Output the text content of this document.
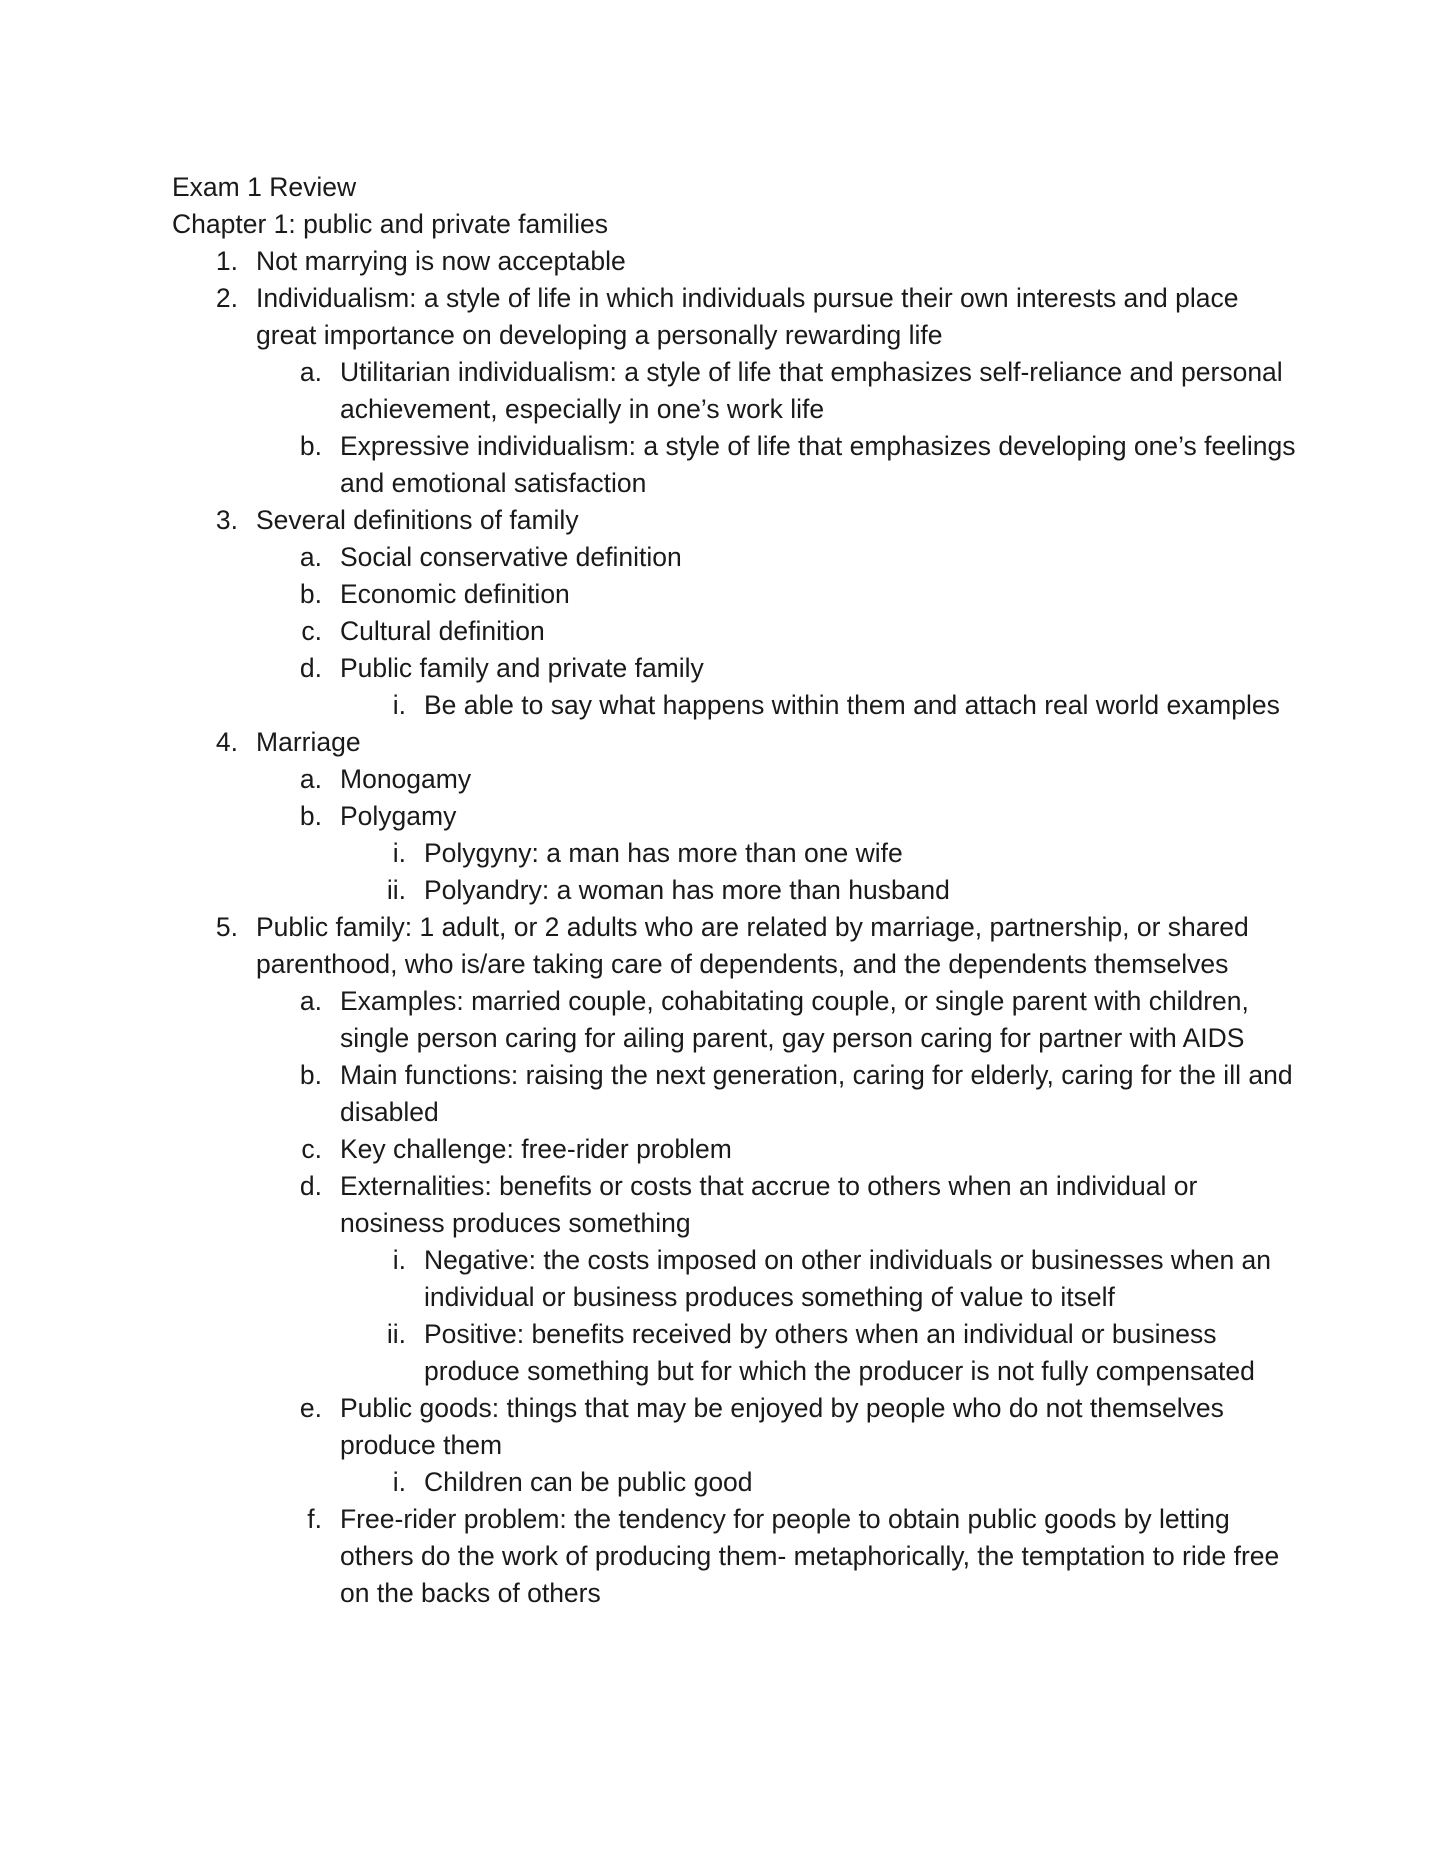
Exam 1 Review

Chapter 1: public and private families

1. Not marrying is now acceptable
2. Individualism: a style of life in which individuals pursue their own interests and place great importance on developing a personally rewarding life
a. Utilitarian individualism: a style of life that emphasizes self-reliance and personal achievement, especially in one’s work life
b. Expressive individualism: a style of life that emphasizes developing one’s feelings and emotional satisfaction
3. Several definitions of family
a. Social conservative definition
b. Economic definition
c. Cultural definition
d. Public family and private family
i. Be able to say what happens within them and attach real world examples
4. Marriage
a. Monogamy
b. Polygamy
i. Polygyny: a man has more than one wife
ii. Polyandry: a woman has more than husband
5. Public family: 1 adult, or 2 adults who are related by marriage, partnership, or shared parenthood, who is/are taking care of dependents, and the dependents themselves
a. Examples: married couple, cohabitating couple, or single parent with children, single person caring for ailing parent, gay person caring for partner with AIDS
b. Main functions: raising the next generation, caring for elderly, caring for the ill and disabled
c. Key challenge: free-rider problem
d. Externalities: benefits or costs that accrue to others when an individual or nosiness produces something
i. Negative: the costs imposed on other individuals or businesses when an individual or business produces something of value to itself
ii. Positive: benefits received by others when an individual or business produce something but for which the producer is not fully compensated
e. Public goods: things that may be enjoyed by people who do not themselves produce them
i. Children can be public good
f. Free-rider problem: the tendency for people to obtain public goods by letting others do the work of producing them- metaphorically, the temptation to ride free on the backs of others
